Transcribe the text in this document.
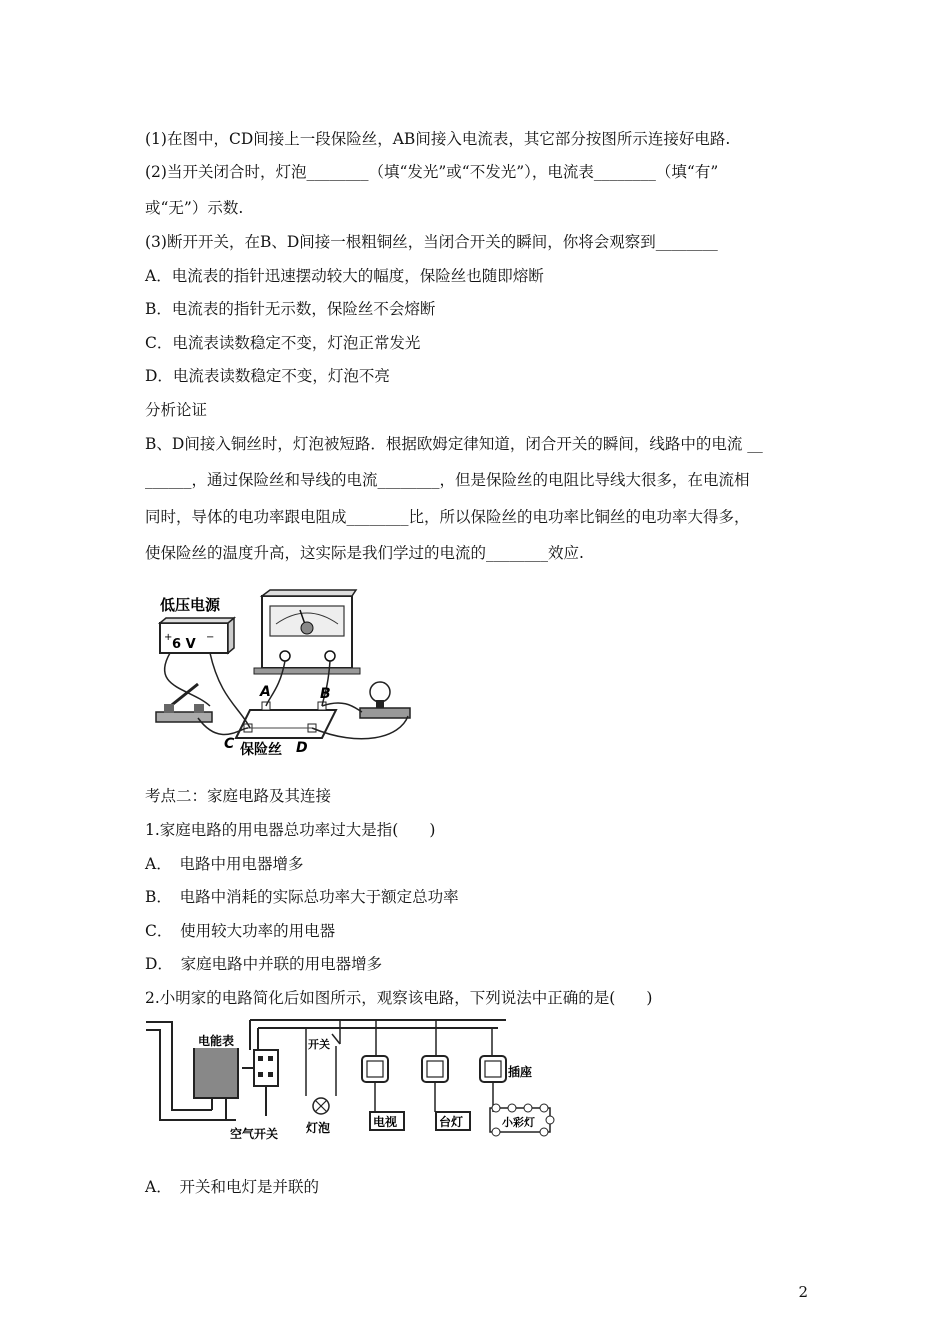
(1)在图中，CD间接上一段保险丝，AB间接入电流表，其它部分按图所示连接好电路.
(2)当开关闭合时，灯泡________（填“发光”或“不发光”），电流表________（填“有”
或“无”）示数.
(3)断开开关，在B、D间接一根粗铜丝，当闭合开关的瞬间，你将会观察到________
A．电流表的指针迅速摆动较大的幅度，保险丝也随即熔断
B．电流表的指针无示数，保险丝不会熔断
C．电流表读数稳定不变，灯泡正常发光
D．电流表读数稳定不变，灯泡不亮
分析论证
B、D间接入铜丝时，灯泡被短路．根据欧姆定律知道，闭合开关的瞬间，线路中的电流 __
______，通过保险丝和导线的电流________，但是保险丝的电阻比导线大很多，在电流相
同时，导体的电功率跟电阻成________比，所以保险丝的电功率比铜丝的电功率大得多，
使保险丝的温度升高，这实际是我们学过的电流的________效应.
低压电源
+	−
6 V
A	B
C	D
保险丝
考点二：家庭电路及其连接
1.家庭电路的用电器总功率过大是指(　　)
A．　电路中用电器增多
B．　电路中消耗的实际总功率大于额定总功率
C．　使用较大功率的用电器
D．　家庭电路中并联的用电器增多
2.小明家的电路简化后如图所示，观察该电路，下列说法中正确的是(　　)
电能表
空气开关
开关
灯泡	电视	台灯
插座
小彩灯
A．　开关和电灯是并联的
2
